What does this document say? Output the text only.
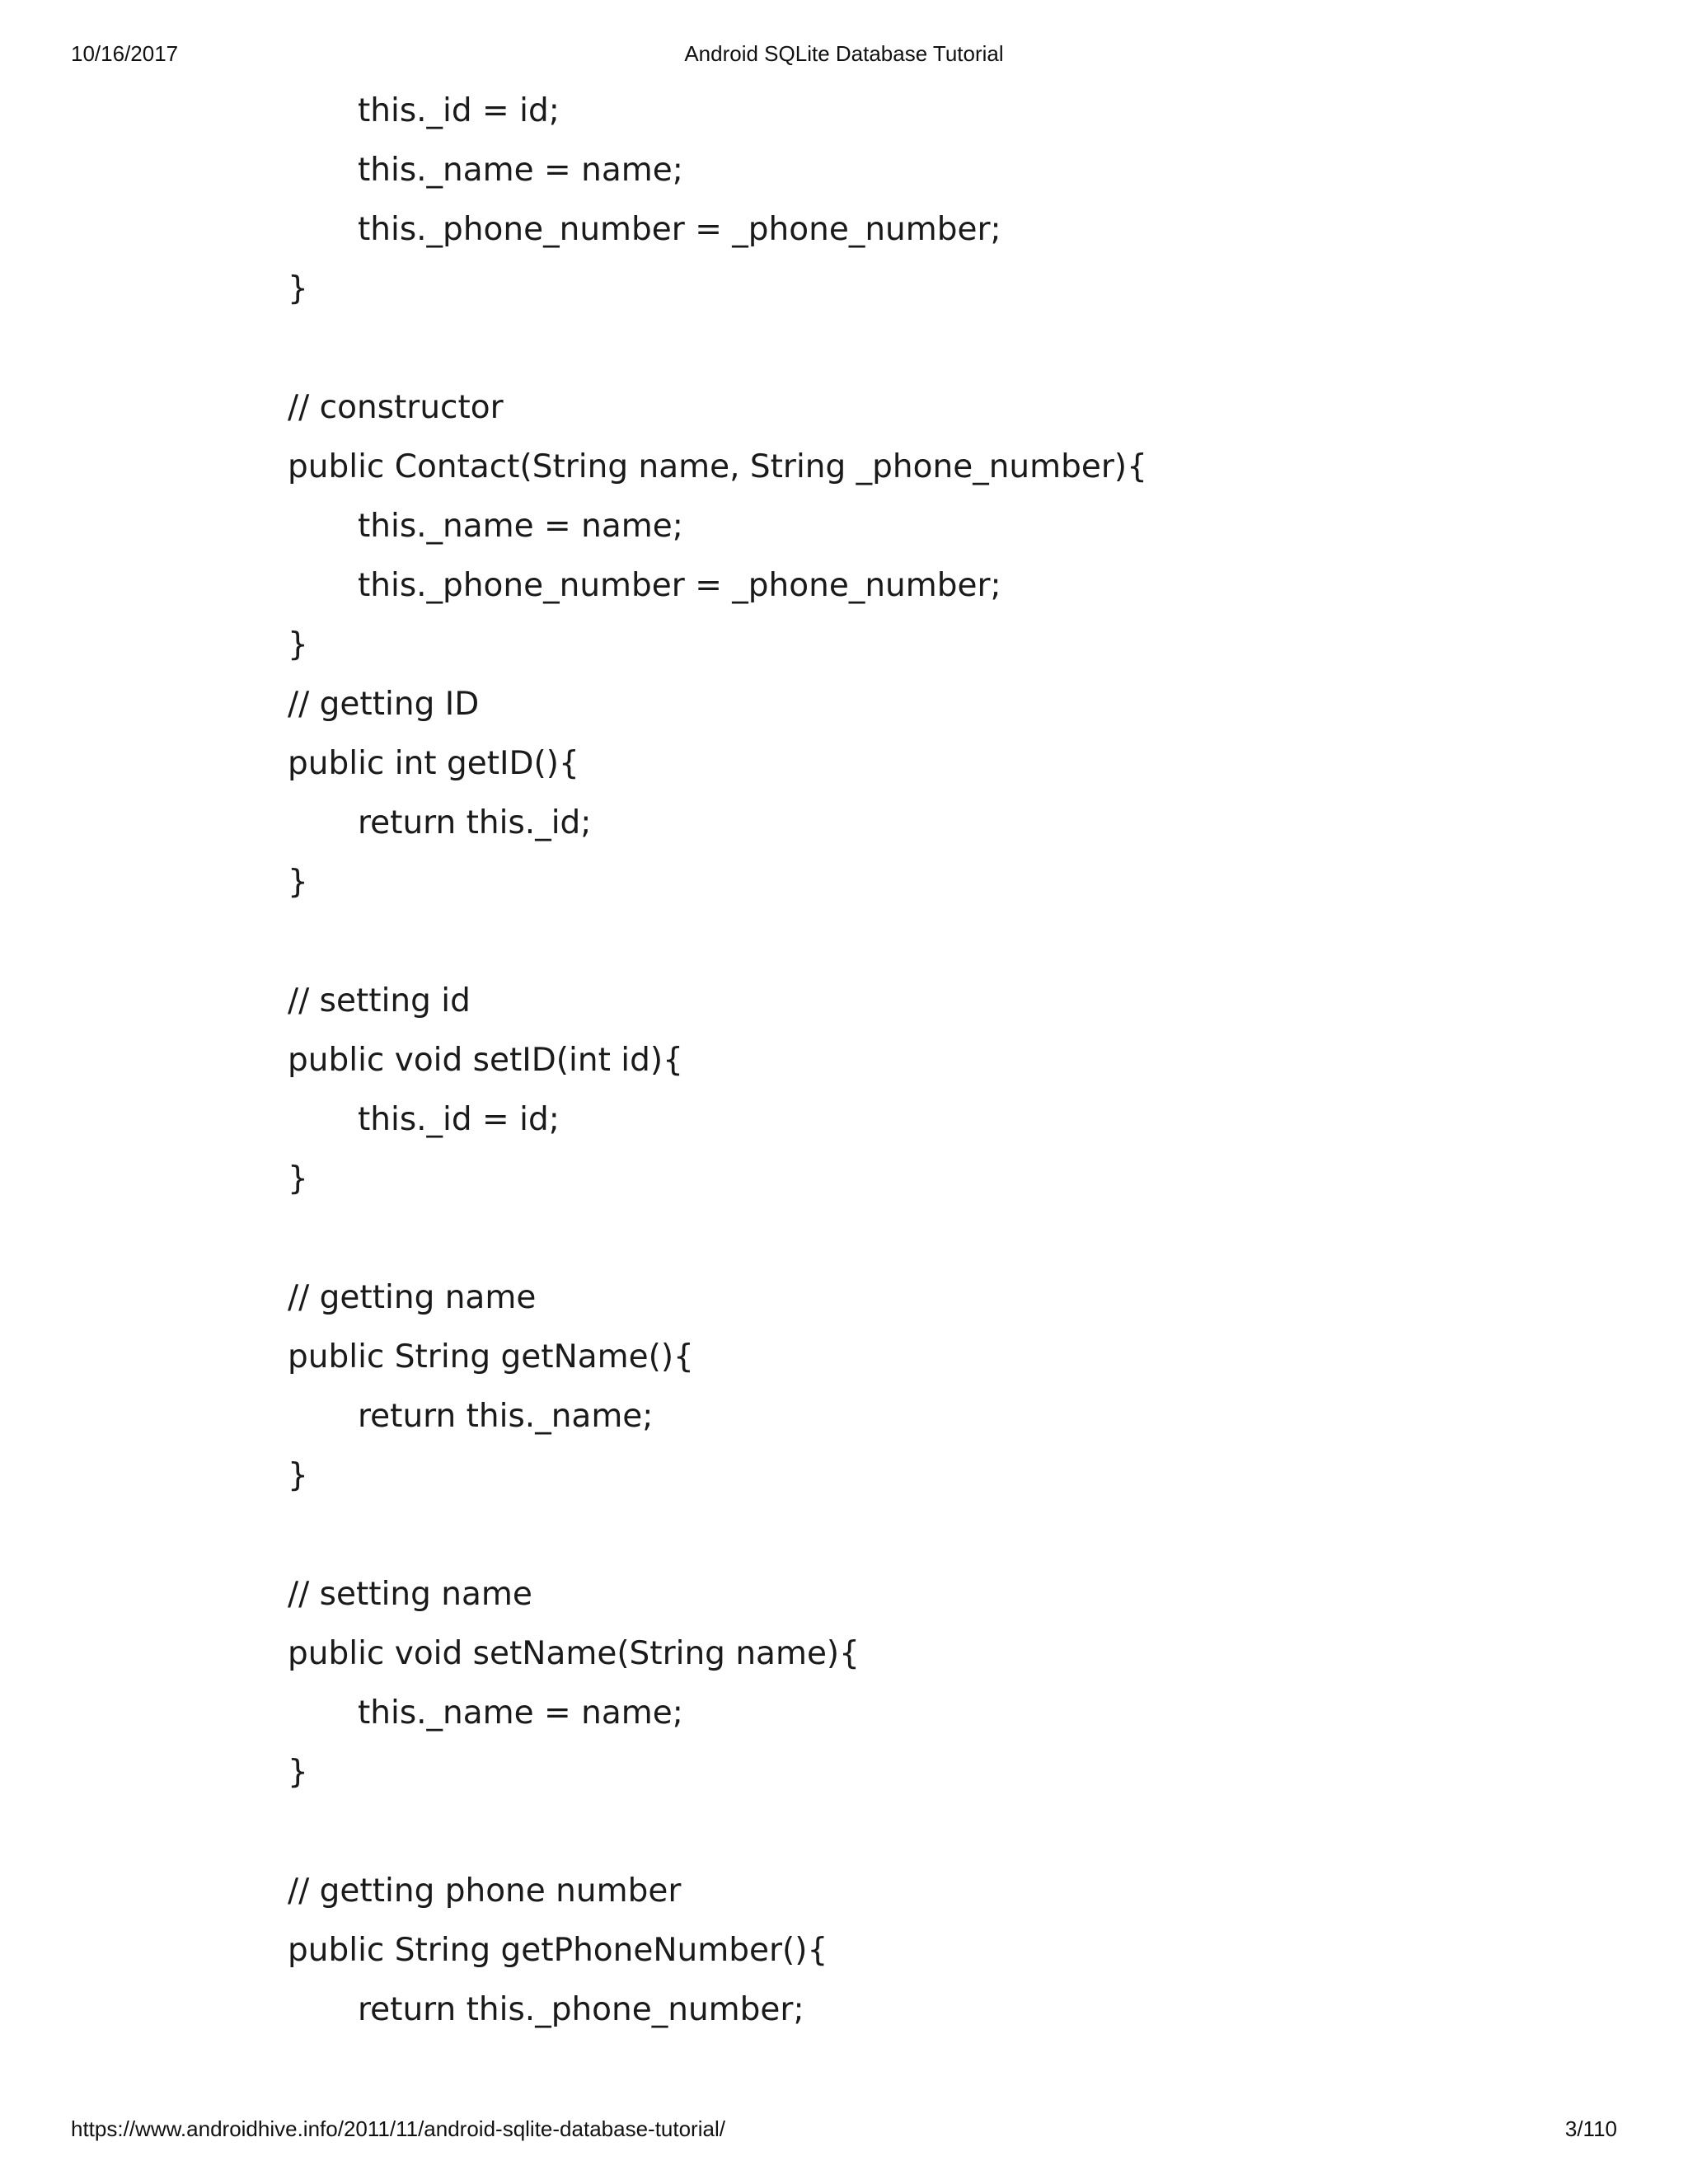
10/16/2017	Android SQLite Database Tutorial
this._id = id;
this._name = name;
this._phone_number = _phone_number;
}
// constructor
public Contact(String name, String _phone_number){
this._name = name;
this._phone_number = _phone_number;
}
// getting ID
public int getID(){
return this._id;
}
// setting id
public void setID(int id){
this._id = id;
}
// getting name
public String getName(){
return this._name;
}
// setting name
public void setName(String name){
this._name = name;
}
// getting phone number
public String getPhoneNumber(){
return this._phone_number;
https://www.androidhive.info/2011/11/android-sqlite-database-tutorial/	3/110
